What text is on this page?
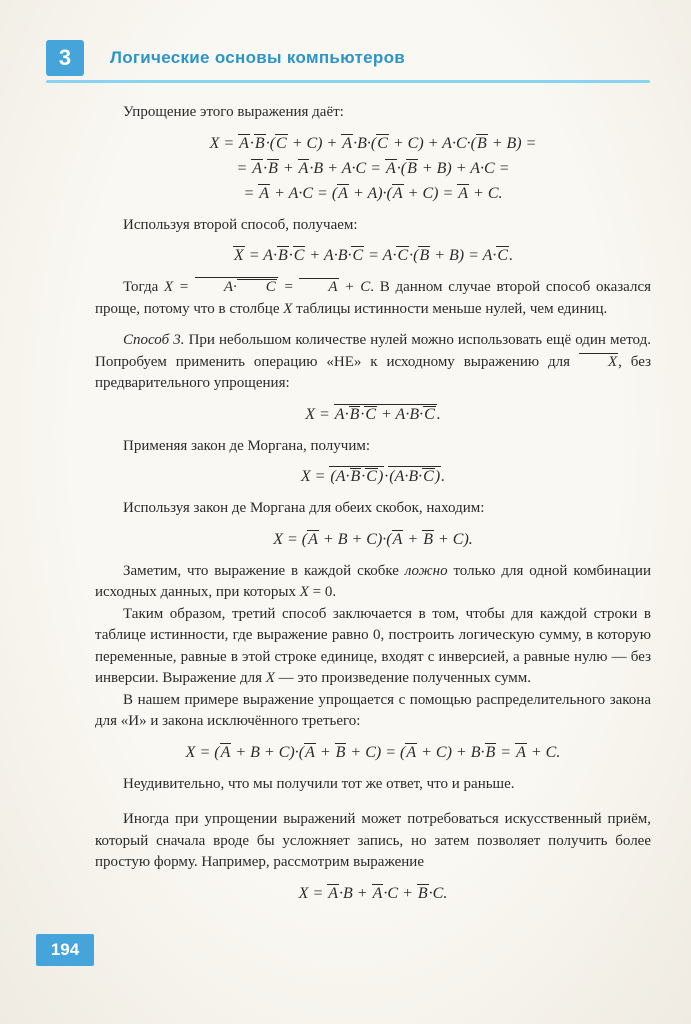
3	Логические основы компьютеров

Упрощение этого выражения даёт:

X = A·B·(C + C) + A·B·(C + C) + A·C·(B + B) =
= A·B + A·B + A·C = A·(B + B) + A·C =
= A + A·C = (A + A)·(A + C) = A + C.

Используя второй способ, получаем:

X = A·B·C + A·B·C = A·C·(B + B) = A·C.

Тогда X = A· C = A + C. В данном случае второй способ оказался проще, потому что в столбце X таблицы истинности меньше нулей, чем единиц.

Способ 3. При небольшом количестве нулей можно использовать ещё один метод. Попробуем применить операцию «НЕ» к исходному выражению для X, без предварительного упрощения:

X = A·B·C + A·B·C .

Применяя закон де Моргана, получим:

X = (A·B·C)·(A·B·C).

Используя закон де Моргана для обеих скобок, находим:

X = (A + B + C)·(A + B + C).

Заметим, что выражение в каждой скобке ложно только для одной комбинации исходных данных, при которых X = 0.

Таким образом, третий способ заключается в том, чтобы для каждой строки в таблице истинности, где выражение равно 0, построить логическую сумму, в которую переменные, равные в этой строке единице, входят с инверсией, а равные нулю — без инверсии. Выражение для X — это произведение полученных сумм.

В нашем примере выражение упрощается с помощью распределительного закона для «И» и закона исключённого третьего:

X = (A + B + C)·(A + B + C) = (A + C) + B·B = A + C.

Неудивительно, что мы получили тот же ответ, что и раньше.

Иногда при упрощении выражений может потребоваться искусственный приём, который сначала вроде бы усложняет запись, но затем позволяет получить более простую форму. Например, рассмотрим выражение

X = A·B + A·C + B·C.
194
